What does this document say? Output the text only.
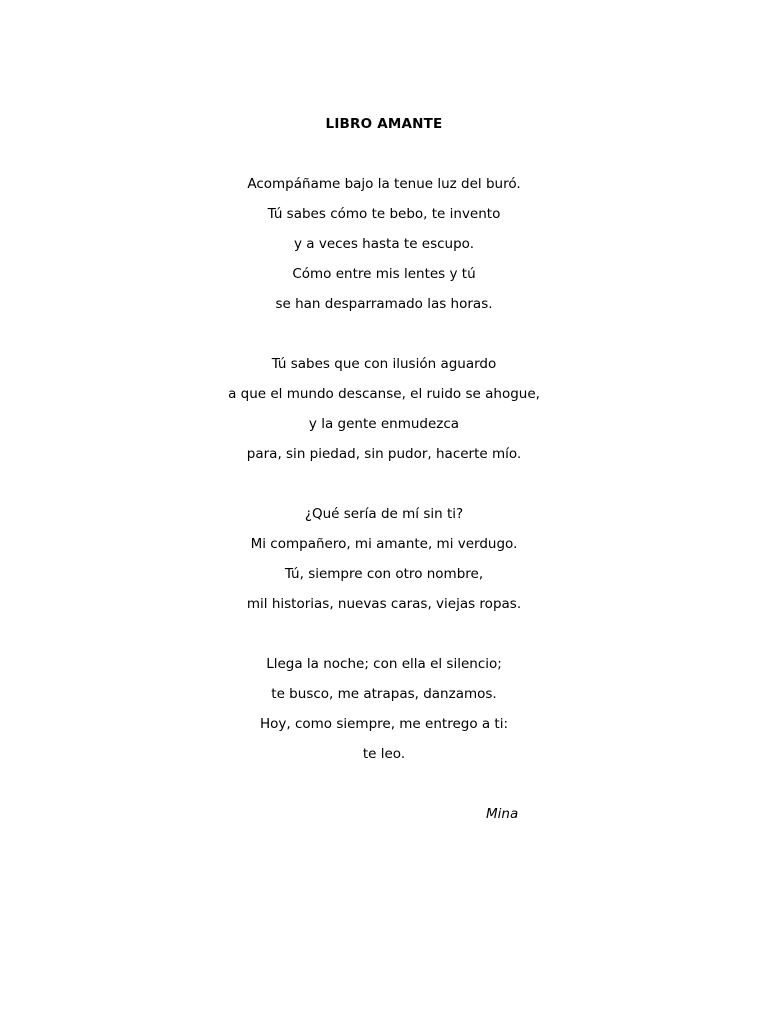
LIBRO AMANTE
Acompáñame bajo la tenue luz del buró.
Tú sabes cómo te bebo, te invento
y a veces hasta te escupo.
Cómo entre mis lentes y tú
se han desparramado las horas.
Tú sabes que con ilusión aguardo
a que el mundo descanse, el ruido se ahogue,
y la gente enmudezca
para, sin piedad, sin pudor, hacerte mío.
¿Qué sería de mí sin ti?
Mi compañero, mi amante, mi verdugo.
Tú, siempre con otro nombre,
mil historias, nuevas caras, viejas ropas.
Llega la noche; con ella el silencio;
te busco, me atrapas, danzamos.
Hoy, como siempre, me entrego a ti:
te leo.
Mina
